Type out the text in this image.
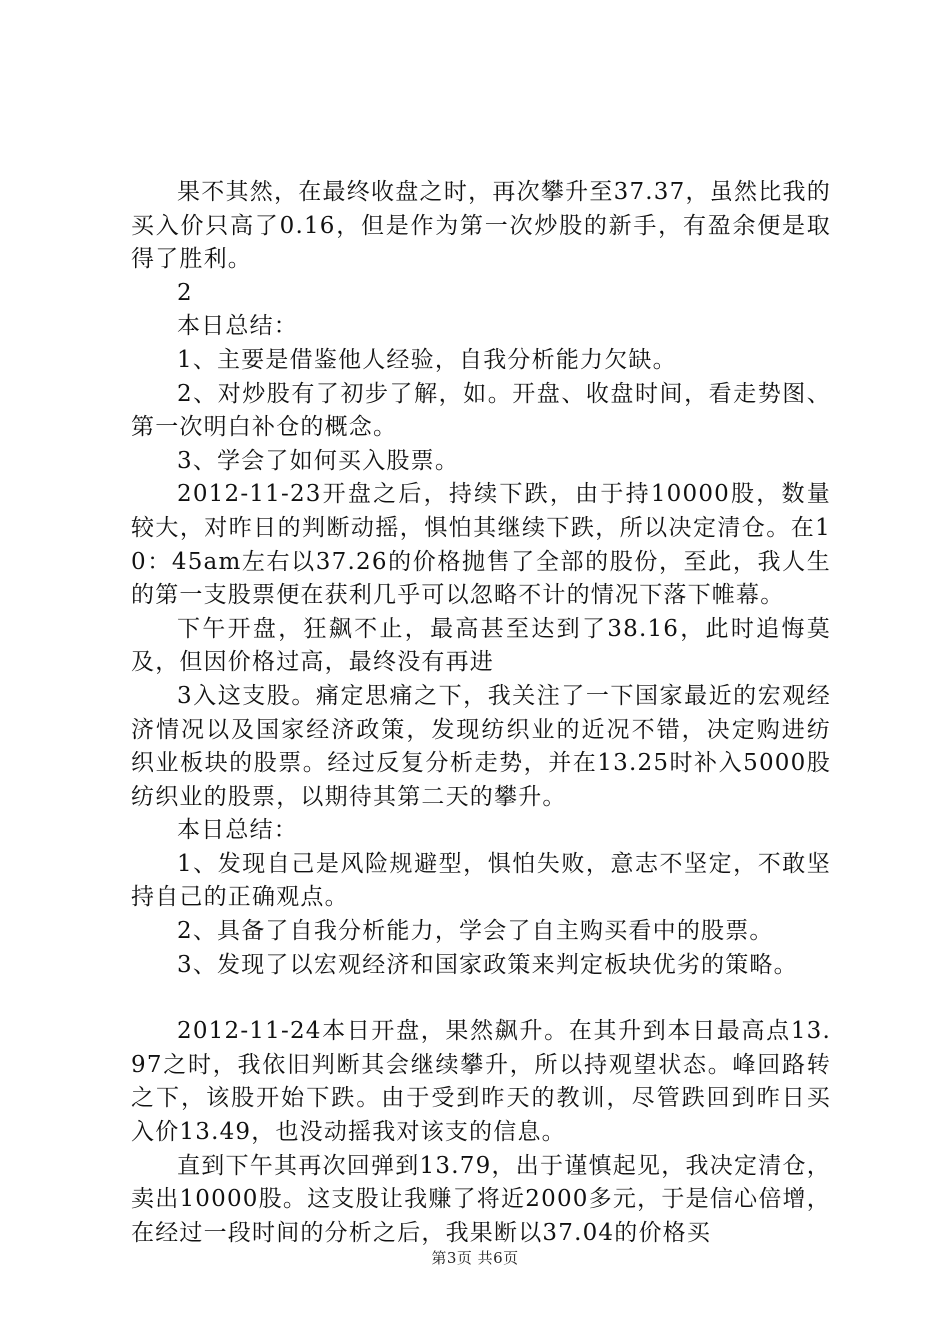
果不其然，在最终收盘之时，再次攀升至37.37，虽然比我的买入价只高了0.16，但是作为第一次炒股的新手，有盈余便是取得了胜利。

2

本日总结：

1、主要是借鉴他人经验，自我分析能力欠缺。

2、对炒股有了初步了解，如。开盘、收盘时间，看走势图、第一次明白补仓的概念。

3、学会了如何买入股票。

2012-11-23开盘之后，持续下跌，由于持10000股，数量较大，对昨日的判断动摇，惧怕其继续下跌，所以决定清仓。在10：45am左右以37.26的价格抛售了全部的股份，至此，我人生的第一支股票便在获利几乎可以忽略不计的情况下落下帷幕。

下午开盘，狂飙不止，最高甚至达到了38.16，此时追悔莫及，但因价格过高，最终没有再进

3入这支股。痛定思痛之下，我关注了一下国家最近的宏观经济情况以及国家经济政策，发现纺织业的近况不错，决定购进纺织业板块的股票。经过反复分析走势，并在13.25时补入5000股纺织业的股票，以期待其第二天的攀升。

本日总结：

1、发现自己是风险规避型，惧怕失败，意志不坚定，不敢坚持自己的正确观点。

2、具备了自我分析能力，学会了自主购买看中的股票。

3、发现了以宏观经济和国家政策来判定板块优劣的策略。

2012-11-24本日开盘，果然飙升。在其升到本日最高点13.97之时，我依旧判断其会继续攀升，所以持观望状态。峰回路转之下，该股开始下跌。由于受到昨天的教训，尽管跌回到昨日买入价13.49，也没动摇我对该支的信息。

直到下午其再次回弹到13.79，出于谨慎起见，我决定清仓，卖出10000股。这支股让我赚了将近2000多元，于是信心倍增，在经过一段时间的分析之后，我果断以37.04的价格买

第3页 共6页
